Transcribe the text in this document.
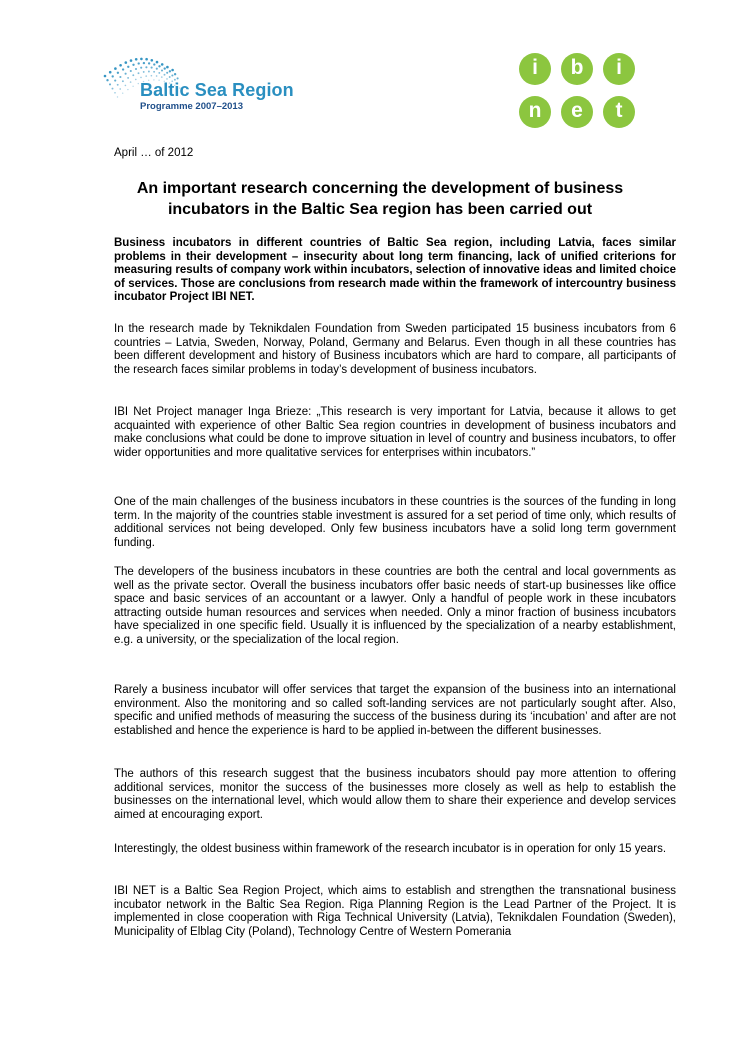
Baltic Sea Region
Programme 2007–2013
i	b	i
n	e	t
April … of 2012
An important research concerning the development of business
incubators in the Baltic Sea region has been carried out

Business incubators in different countries of Baltic Sea region, including Latvia, faces similar problems in their development – insecurity about long term financing, lack of unified criterions for measuring results of company work within incubators, selection of innovative ideas and limited choice of services. Those are conclusions from research made within the framework of intercountry business incubator Project IBI NET.

In the research made by Teknikdalen Foundation from Sweden participated 15 business incubators from 6 countries – Latvia, Sweden, Norway, Poland, Germany and Belarus. Even though in all these countries has been different development and history of Business incubators which are hard to compare, all participants of the research faces similar problems in today’s development of business incubators.

IBI Net Project manager Inga Brieze: „This research is very important for Latvia, because it allows to get acquainted with experience of other Baltic Sea region countries in development of business incubators and make conclusions what could be done to improve situation in level of country and business incubators, to offer wider opportunities and more qualitative services for enterprises within incubators.”

One of the main challenges of the business incubators in these countries is the sources of the funding in long term. In the majority of the countries stable investment is assured for a set period of time only, which results of additional services not being developed. Only few business incubators have a solid long term government funding.

The developers of the business incubators in these countries are both the central and local governments as well as the private sector. Overall the business incubators offer basic needs of start-up businesses like office space and basic services of an accountant or a lawyer. Only a handful of people work in these incubators attracting outside human resources and services when needed. Only a minor fraction of business incubators have specialized in one specific field. Usually it is influenced by the specialization of a nearby establishment, e.g. a university, or the specialization of the local region.

Rarely a business incubator will offer services that target the expansion of the business into an international environment. Also the monitoring and so called soft-landing services are not particularly sought after. Also, specific and unified methods of measuring the success of the business during its ‘incubation’ and after are not established and hence the experience is hard to be applied in-between the different businesses.

The authors of this research suggest that the business incubators should pay more attention to offering additional services, monitor the success of the businesses more closely as well as help to establish the businesses on the international level, which would allow them to share their experience and develop services aimed at encouraging export.

Interestingly, the oldest business within framework of the research incubator is in operation for only 15 years.

IBI NET is a Baltic Sea Region Project, which aims to establish and strengthen the transnational business incubator network in the Baltic Sea Region. Riga Planning Region is the Lead Partner of the Project. It is implemented in close cooperation with Riga Technical University (Latvia), Teknikdalen Foundation (Sweden), Municipality of Elblag City (Poland), Technology Centre of Western Pomerania
